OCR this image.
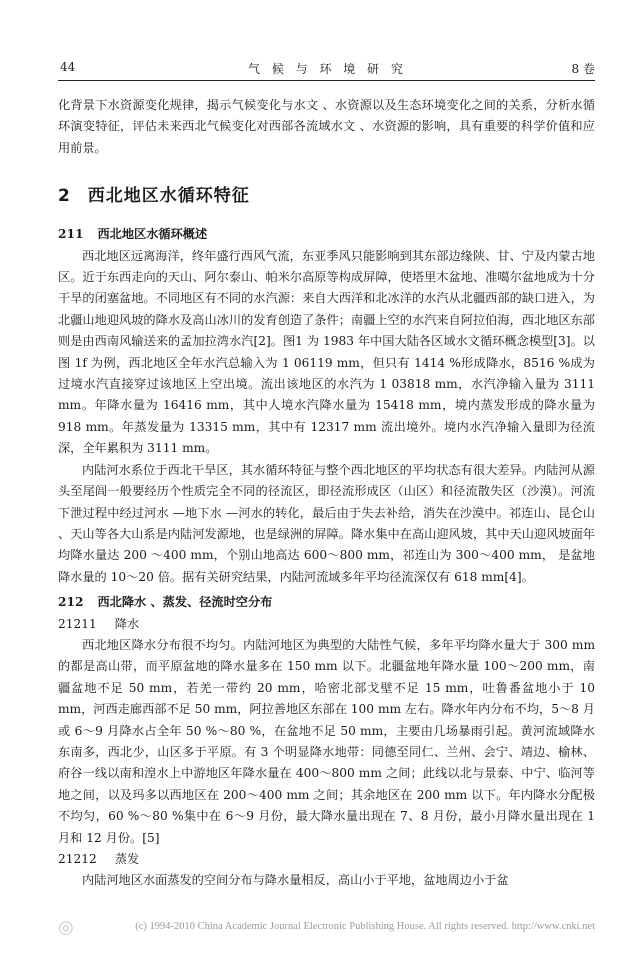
44	气 候 与 环 境 研 究	8 卷

化背景下水资源变化规律，揭示气候变化与水文 、水资源以及生态环境变化之间的关系，分析水循环演变特征，评估未来西北气候变化对西部各流域水文 、水资源的影响，具有重要的科学价值和应用前景。

2 西北地区水循环特征
211 西北地区水循环概述

西北地区远离海洋，终年盛行西风气流，东亚季风只能影响到其东部边缘陕、甘、宁及内蒙古地区。近于东西走向的天山、阿尔泰山、帕米尔高原等构成屏障，使塔里木盆地、准噶尔盆地成为十分干旱的闭塞盆地。不同地区有不同的水汽源：来自大西洋和北冰洋的水汽从北疆西部的缺口进入，为北疆山地迎风坡的降水及高山冰川的发育创造了条件；南疆上空的水汽来自阿拉伯海，西北地区东部则是由西南风输送来的孟加拉湾水汽[2]。图1 为 1983 年中国大陆各区域水文循环概念模型[3]。以图 1f 为例，西北地区全年水汽总输入为 1 06119 mm，但只有 1414 %形成降水，8516 %成为过境水汽直接穿过该地区上空出境。流出该地区的水汽为 1 03818 mm，水汽净输入量为 3111 mm。年降水量为 16416 mm，其中人境水汽降水量为 15418 mm，境内蒸发形成的降水量为 918 mm。年蒸发量为 13315 mm，其中有 12317 mm 流出境外。境内水汽净输入量即为径流深，全年累积为 3111 mm。

内陆河水系位于西北干旱区，其水循环特征与整个西北地区的平均状态有很大差异。内陆河从源头至尾闾一般要经历个性质完全不同的径流区，即径流形成区（山区）和径流散失区（沙漠）。河流下泄过程中经过河水 —地下水 —河水的转化，最后由于失去补给，消失在沙漠中。祁连山、昆仑山 、天山等各大山系是内陆河发源地，也是绿洲的屏障。降水集中在高山迎风坡，其中天山迎风坡面年均降水量达 200 ～400 mm，个别山地高达 600～800 mm，祁连山为 300～400 mm， 是盆地降水量的 10～20 倍。据有关研究结果，内陆河流域多年平均径流深仅有 618 mm[4]。

212 西北降水 、蒸发、径流时空分布
21211 降水

西北地区降水分布很不均匀。内陆河地区为典型的大陆性气候，多年平均降水量大于 300 mm 的都是高山带，而平原盆地的降水量多在 150 mm 以下。北疆盆地年降水量 100～200 mm，南疆盆地不足 50 mm，若羌一带约 20 mm，哈密北部戈壁不足 15 mm，吐鲁番盆地小于 10 mm，河西走廊西部不足 50 mm，阿拉善地区东部在 100 mm 左右。降水年内分布不均，5～8 月或 6～9 月降水占全年 50 %～80 %，在盆地不足 50 mm，主要由几场暴雨引起。黄河流域降水东南多，西北少，山区多于平原。有 3 个明显降水地带：同德至同仁、兰州、会宁、靖边、榆林、府谷一线以南和湟水上中游地区年降水量在 400～800 mm 之间；此线以北与景泰、中宁、临河等地之间，以及玛多以西地区在 200～400 mm 之间；其余地区在 200 mm 以下。年内降水分配极不均匀，60 %～80 %集中在 6～9 月份，最大降水量出现在 7、8 月份，最小月降水量出现在 1 月和 12 月份。[5]

21212 蒸发

内陆河地区水面蒸发的空间分布与降水量相反，高山小于平地，盆地周边小于盆

◎	(c) 1994-2010 China Academic Journal Electronic Publishing House. All rights reserved. http://www.cnki.net
